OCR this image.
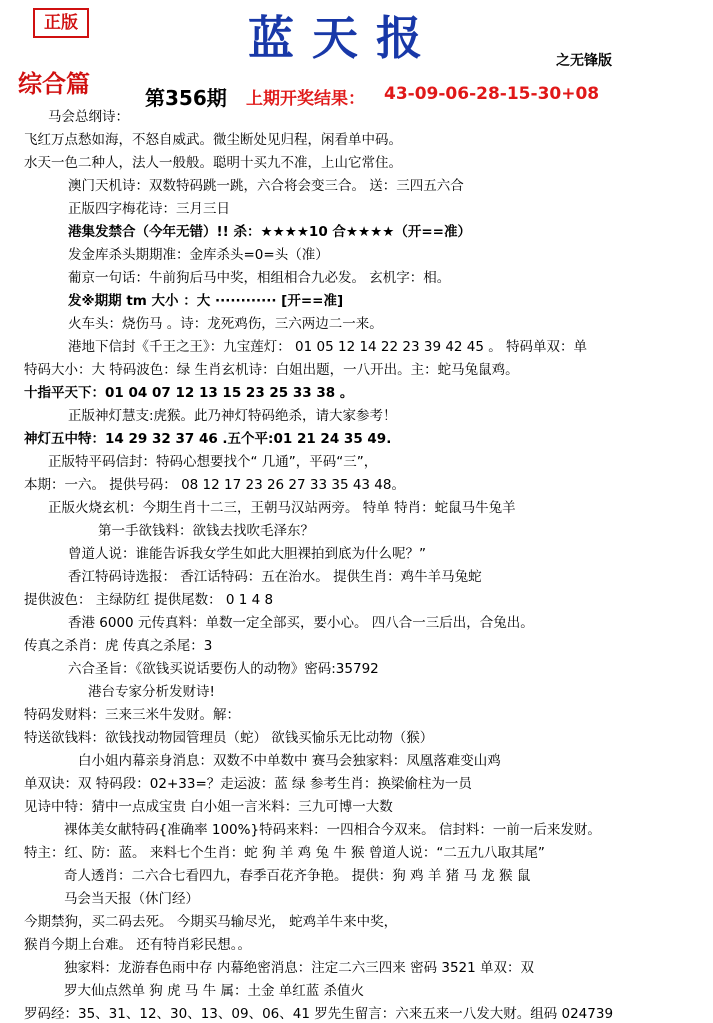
正版	蓝天报	之无锋版
综合篇	第356期 上期开奖结果： 43-09-06-28-15-30+08
马会总纲诗：
飞红万点愁如海，不怒自威武。微尘断处见归程，闲看单中码。
水天一色二种人，法人一般般。聪明十买九不准，上山它常住。
澳门天机诗：双数特码跳一跳，六合将会变三合。 送：三四五六合
正版四字梅花诗：三月三日
港集发禁合（今年无错）!! 杀：★★★★10 合★★★★（开==准）
发金库杀头期期准：金库杀头=0=头（准）
葡京一句话：牛前狗后马中奖，相组相合九必发。 玄机字：相。
发※期期 tm 大小 ：大 ············ [开==准]
火车头：烧伤马 。诗：龙死鸡伤，三六两边二一来。
港地下信封《千王之王》：九宝莲灯： 01 05 12 14 22 23 39 42 45 。 特码单双：单
特码大小：大 特码波色：绿 生肖玄机诗：白姐出题，一八开出。主：蛇马兔鼠鸡。
十指平天下：01 04 07 12 13 15 23 25 33 38 。
正版神灯慧支:虎猴。此乃神灯特码绝杀，请大家参考！
神灯五中特：14 29 32 37 46 .五个平:01 21 24 35 49.
正版特平码信封：特码心想要找个“ 几通”，平码“三”，
本期：一六。 提供号码： 08 12 17 23 26 27 33 35 43 48。
正版火烧玄机：今期生肖十二三，王朝马汉站两旁。 特单 特肖：蛇鼠马牛兔羊
第一手欲钱料：欲钱去找吹毛泽东？
曾道人说：谁能告诉我女学生如此大胆裸拍到底为什么呢？”
香江特码诗选报： 香江话特码：五在治水。 提供生肖：鸡牛羊马兔蛇
提供波色： 主绿防红 提供尾数： 0 1 4 8
香港 6000 元传真料：单数一定全部买，要小心。 四八合一三后出，合兔出。
传真之杀肖：虎 传真之杀尾：3
六合圣旨：《欲钱买说话要伤人的动物》密码:35792
港台专家分析发财诗!
特码发财料：三来三米牛发财。解：
特送欲钱料：欲钱找动物园管理员（蛇） 欲钱买愉乐无比动物（猴）
白小姐内幕亲身消息：双数不中单数中 赛马会独家料：凤凰落难变山鸡
单双诀：双 特码段：02+33=？走运波：蓝 绿 参考生肖：换梁偷柱为一员
见诗中特：猜中一点成宝贵 白小姐一言米料：三九可博一大数
裸体美女献特码{准确率 100%}特码来料：一四相合今双来。 信封料：一前一后来发财。
特主：红、防：蓝。 来料七个生肖：蛇 狗 羊 鸡 兔 牛 猴 曾道人说：“二五九八取其尾”
奇人透肖：二六合七看四九，春季百花齐争艳。 提供：狗 鸡 羊 猪 马 龙 猴 鼠
马会当天报（休门经）
今期禁狗，买二码去死。 今期买马输尽光， 蛇鸡羊牛来中奖，
猴肖今期上台难。 还有特肖彩民想。。
独家料：龙游春色雨中存 内幕绝密消息：注定二六三四来 密码 3521 单双：双
罗大仙点然单 狗 虎 马 牛 属：土金 单红蓝 杀值火
罗码经：35、31、12、30、13、09、06、41 罗先生留言：六来五来一八发大财。组码 024739
